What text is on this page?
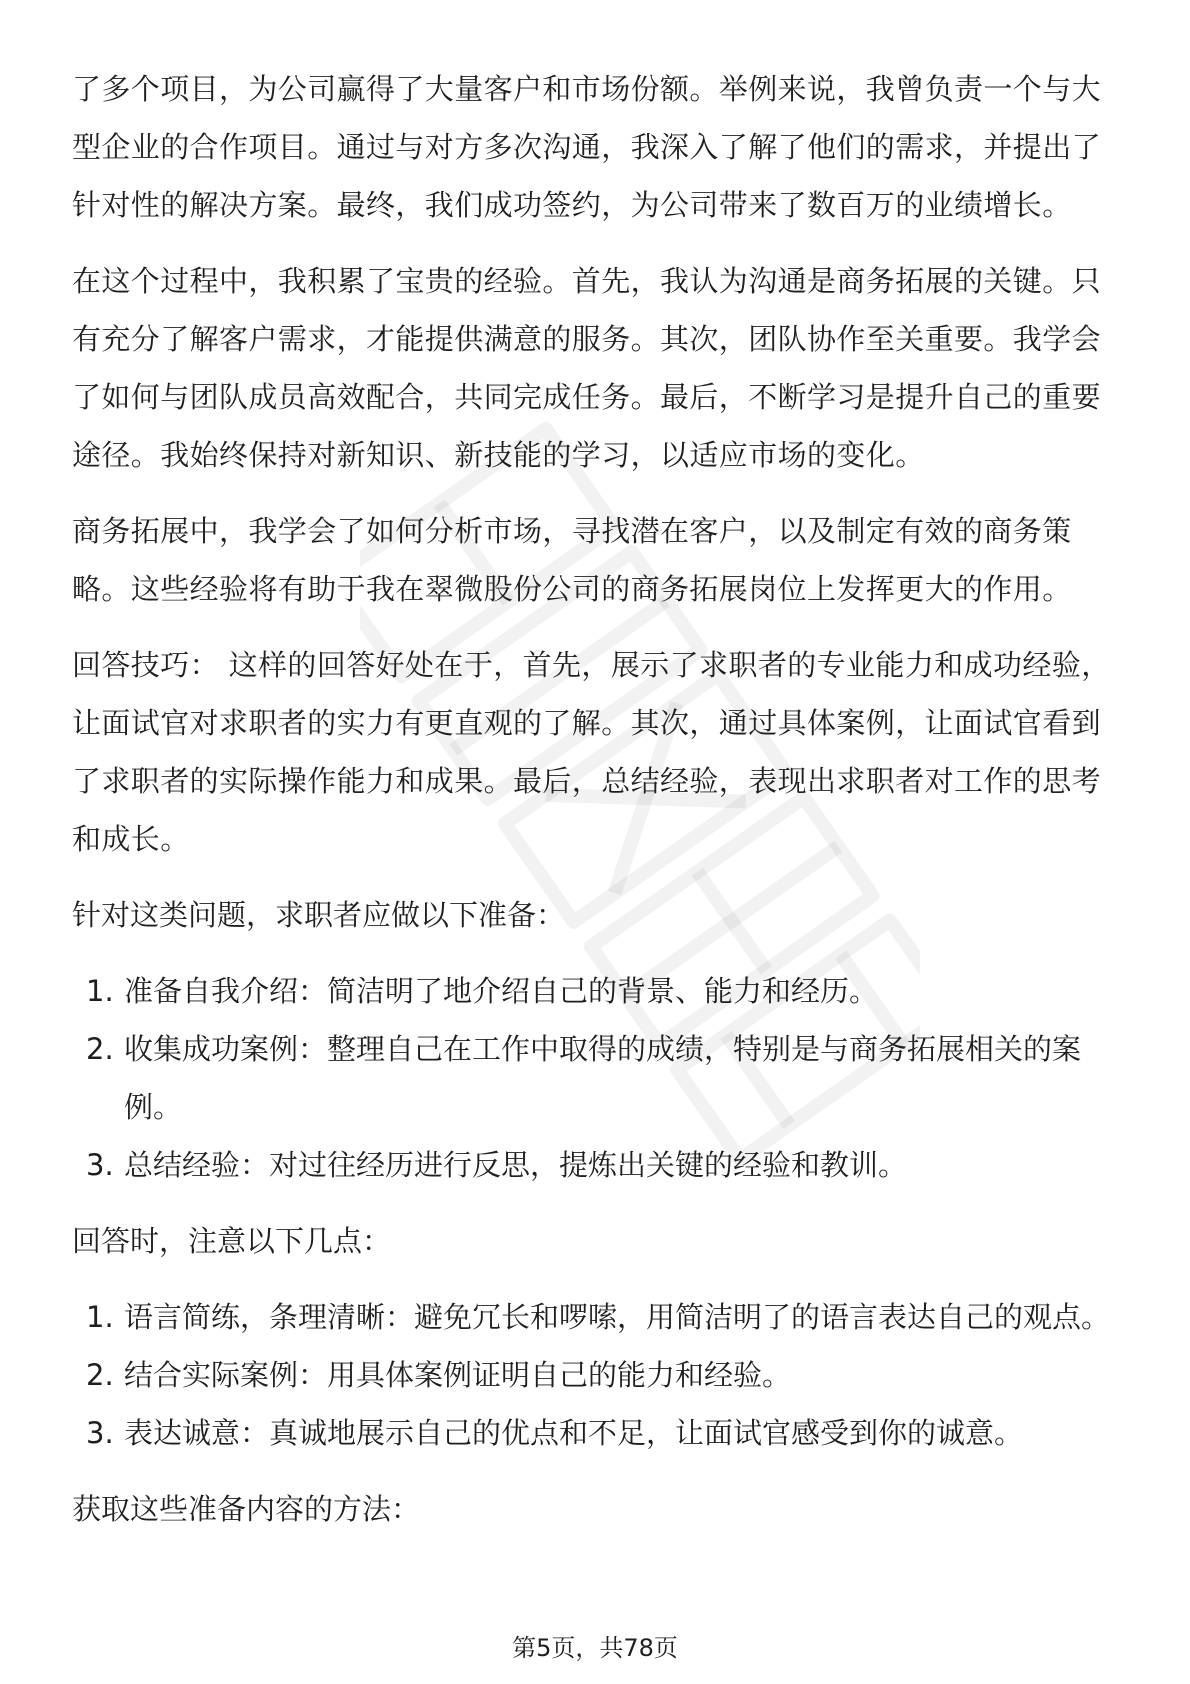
了多个项目，为公司赢得了大量客户和市场份额。举例来说，我曾负责一个与大型企业的合作项目。通过与对方多次沟通，我深入了解了他们的需求，并提出了针对性的解决方案。最终，我们成功签约，为公司带来了数百万的业绩增长。

在这个过程中，我积累了宝贵的经验。首先，我认为沟通是商务拓展的关键。只有充分了解客户需求，才能提供满意的服务。其次，团队协作至关重要。我学会了如何与团队成员高效配合，共同完成任务。最后，不断学习是提升自己的重要途径。我始终保持对新知识、新技能的学习，以适应市场的变化。

商务拓展中，我学会了如何分析市场，寻找潜在客户，以及制定有效的商务策略。这些经验将有助于我在翠微股份公司的商务拓展岗位上发挥更大的作用。

回答技巧： 这样的回答好处在于，首先，展示了求职者的专业能力和成功经验，让面试官对求职者的实力有更直观的了解。其次，通过具体案例，让面试官看到了求职者的实际操作能力和成果。最后，总结经验，表现出求职者对工作的思考和成长。

针对这类问题，求职者应做以下准备：

1. 准备自我介绍：简洁明了地介绍自己的背景、能力和经历。
2. 收集成功案例：整理自己在工作中取得的成绩，特别是与商务拓展相关的案例。
3. 总结经验：对过往经历进行反思，提炼出关键的经验和教训。

回答时，注意以下几点：

1. 语言简练，条理清晰：避免冗长和啰嗦，用简洁明了的语言表达自己的观点。
2. 结合实际案例：用具体案例证明自己的能力和经验。
3. 表达诚意：真诚地展示自己的优点和不足，让面试官感受到你的诚意。

获取这些准备内容的方法：

第5页，共78页
